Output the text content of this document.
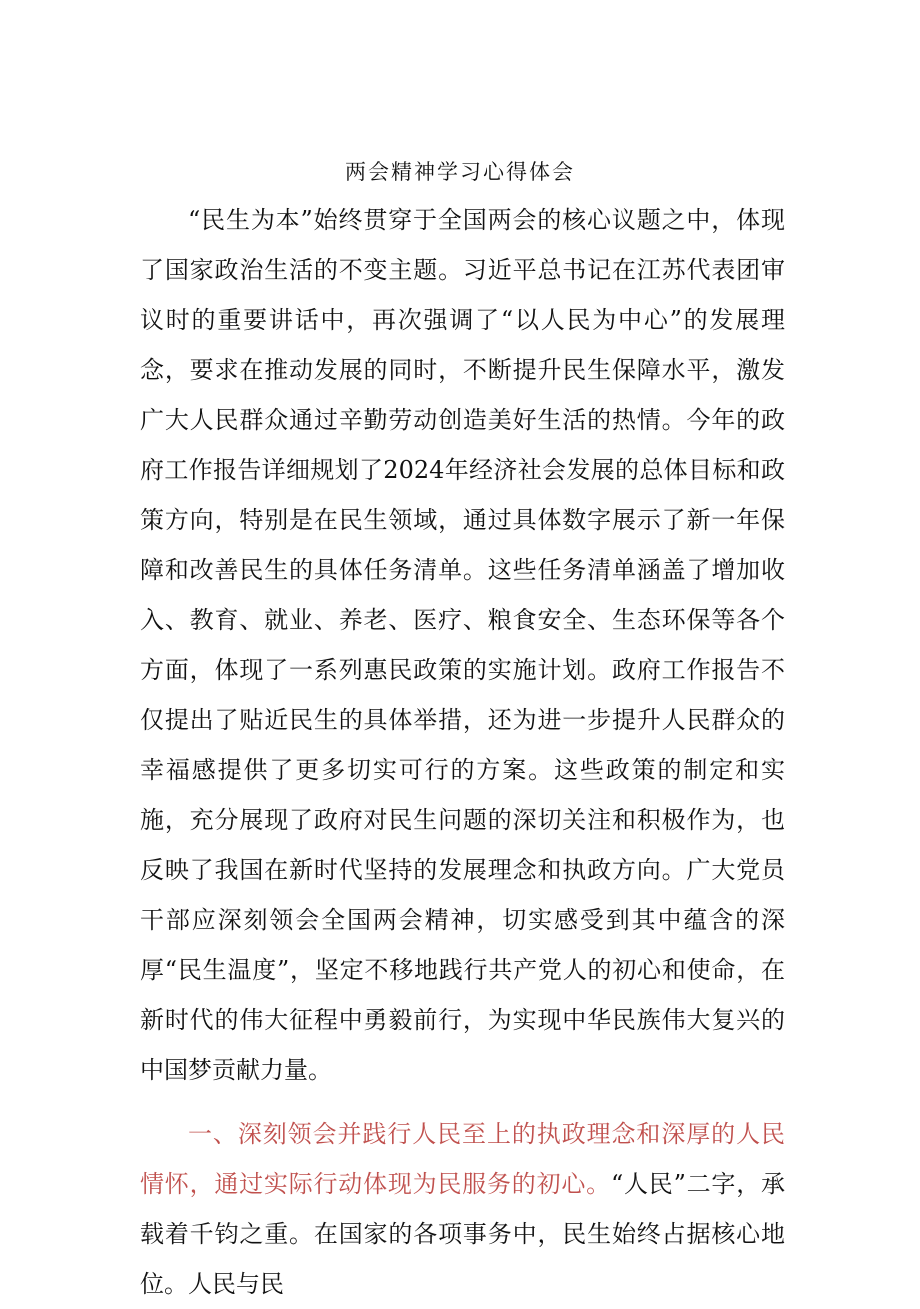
两会精神学习心得体会

“民生为本”始终贯穿于全国两会的核心议题之中，体现了国家政治生活的不变主题。习近平总书记在江苏代表团审议时的重要讲话中，再次强调了“以人民为中心”的发展理念，要求在推动发展的同时，不断提升民生保障水平，激发广大人民群众通过辛勤劳动创造美好生活的热情。今年的政府工作报告详细规划了2024年经济社会发展的总体目标和政策方向，特别是在民生领域，通过具体数字展示了新一年保障和改善民生的具体任务清单。这些任务清单涵盖了增加收入、教育、就业、养老、医疗、粮食安全、生态环保等各个方面，体现了一系列惠民政策的实施计划。政府工作报告不仅提出了贴近民生的具体举措，还为进一步提升人民群众的幸福感提供了更多切实可行的方案。这些政策的制定和实施，充分展现了政府对民生问题的深切关注和积极作为，也反映了我国在新时代坚持的发展理念和执政方向。广大党员干部应深刻领会全国两会精神，切实感受到其中蕴含的深厚“民生温度”，坚定不移地践行共产党人的初心和使命，在新时代的伟大征程中勇毅前行，为实现中华民族伟大复兴的中国梦贡献力量。

一、深刻领会并践行人民至上的执政理念和深厚的人民情怀，通过实际行动体现为民服务的初心。“人民”二字，承载着千钧之重。在国家的各项事务中，民生始终占据核心地位。人民与民
